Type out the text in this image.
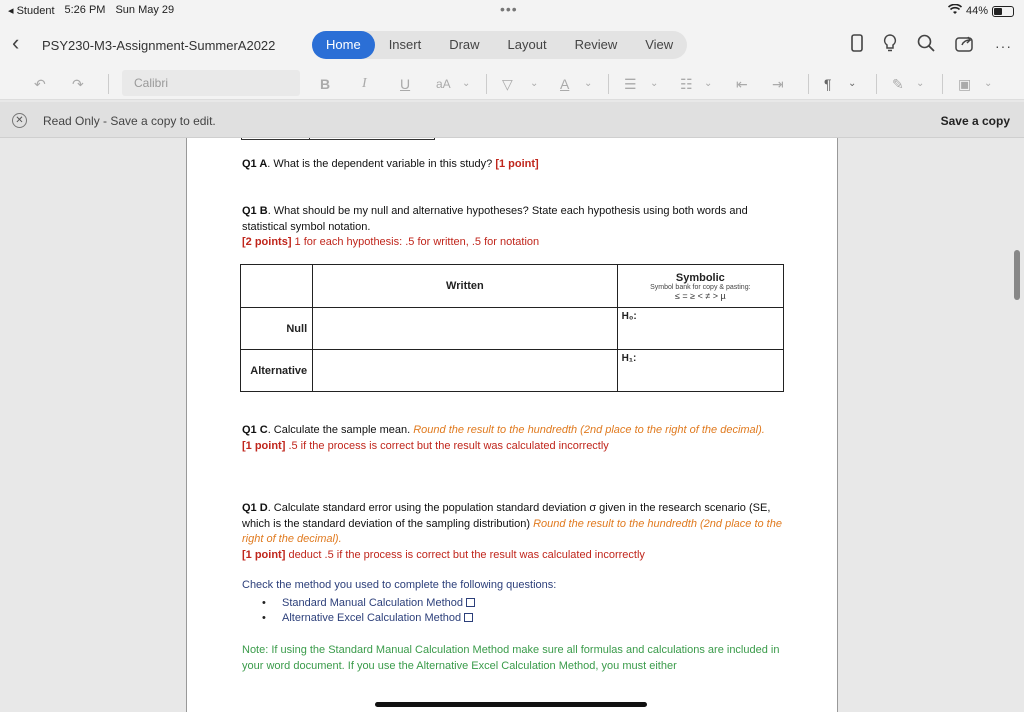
◂ Student 5:26 PM Sun May 29	•••	44%
‹ PSY230-M3-Assignment-SummerA2022	Home	Insert	Draw	Layout	Review	View	···
↶ ↷	Calibri	B I U aA ⌄ ▽ ⌄ A ⌄ ☰ ⌄ ☷ ⌄ ⇤ ⇥	¶ ⌄	✎ ⌄ ▣ ⌄
✕ Read Only - Save a copy to edit.	Save a copy
Q1 A. What is the dependent variable in this study? [1 point]
Q1 B. What should be my null and alternative hypotheses? State each hypothesis using both words and statistical symbol notation.
[2 points] 1 for each hypothesis: .5 for written, .5 for notation
	Written	Symbolic
Symbol bank for copy & pasting:
≤ = ≥ < ≠ > µ

Null		H₀:
Alternative		H₁:
Q1 C. Calculate the sample mean. Round the result to the hundredth (2nd place to the right of the decimal).
[1 point] .5 if the process is correct but the result was calculated incorrectly
Q1 D. Calculate standard error using the population standard deviation σ given in the research scenario (SE, which is the standard deviation of the sampling distribution) Round the result to the hundredth (2nd place to the right of the decimal).
[1 point] deduct .5 if the process is correct but the result was calculated incorrectly
Check the method you used to complete the following questions:
• Standard Manual Calculation Method
• Alternative Excel Calculation Method
Note: If using the Standard Manual Calculation Method make sure all formulas and calculations are included in your word document. If you use the Alternative Excel Calculation Method, you must either
